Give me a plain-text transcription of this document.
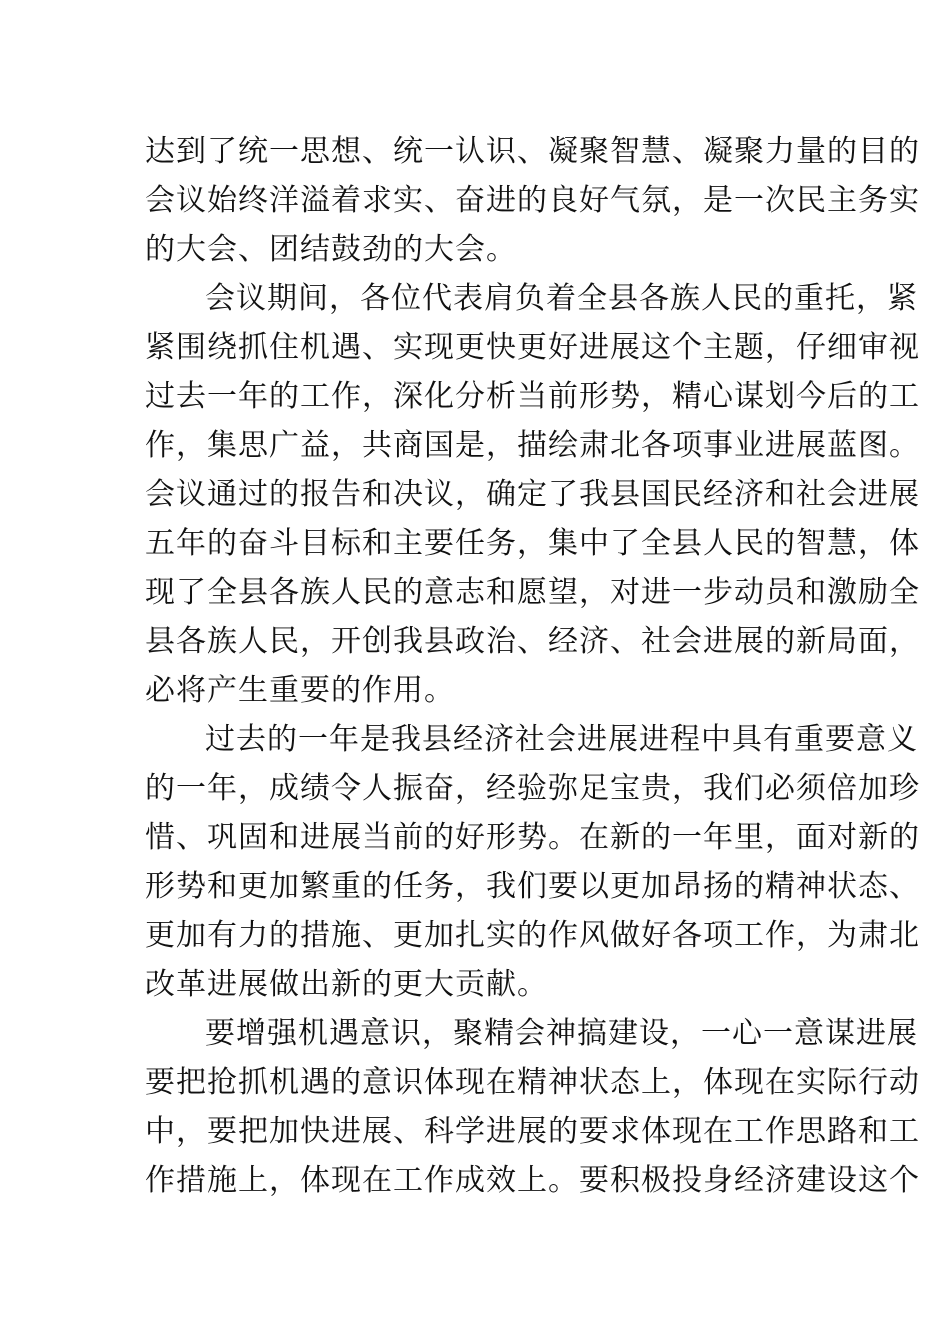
达到了统一思想、统一认识、凝聚智慧、凝聚力量的目的
会议始终洋溢着求实、奋进的良好气氛，是一次民主务实
的大会、团结鼓劲的大会。
会议期间，各位代表肩负着全县各族人民的重托，紧
紧围绕抓住机遇、实现更快更好进展这个主题，仔细审视
过去一年的工作，深化分析当前形势，精心谋划今后的工
作，集思广益，共商国是，描绘肃北各项事业进展蓝图。
会议通过的报告和决议，确定了我县国民经济和社会进展
五年的奋斗目标和主要任务，集中了全县人民的智慧，体
现了全县各族人民的意志和愿望，对进一步动员和激励全
县各族人民，开创我县政治、经济、社会进展的新局面，
必将产生重要的作用。
过去的一年是我县经济社会进展进程中具有重要意义
的一年，成绩令人振奋，经验弥足宝贵，我们必须倍加珍
惜、巩固和进展当前的好形势。在新的一年里，面对新的
形势和更加繁重的任务，我们要以更加昂扬的精神状态、
更加有力的措施、更加扎实的作风做好各项工作，为肃北
改革进展做出新的更大贡献。
要增强机遇意识，聚精会神搞建设，一心一意谋进展
要把抢抓机遇的意识体现在精神状态上，体现在实际行动
中，要把加快进展、科学进展的要求体现在工作思路和工
作措施上，体现在工作成效上。要积极投身经济建设这个
